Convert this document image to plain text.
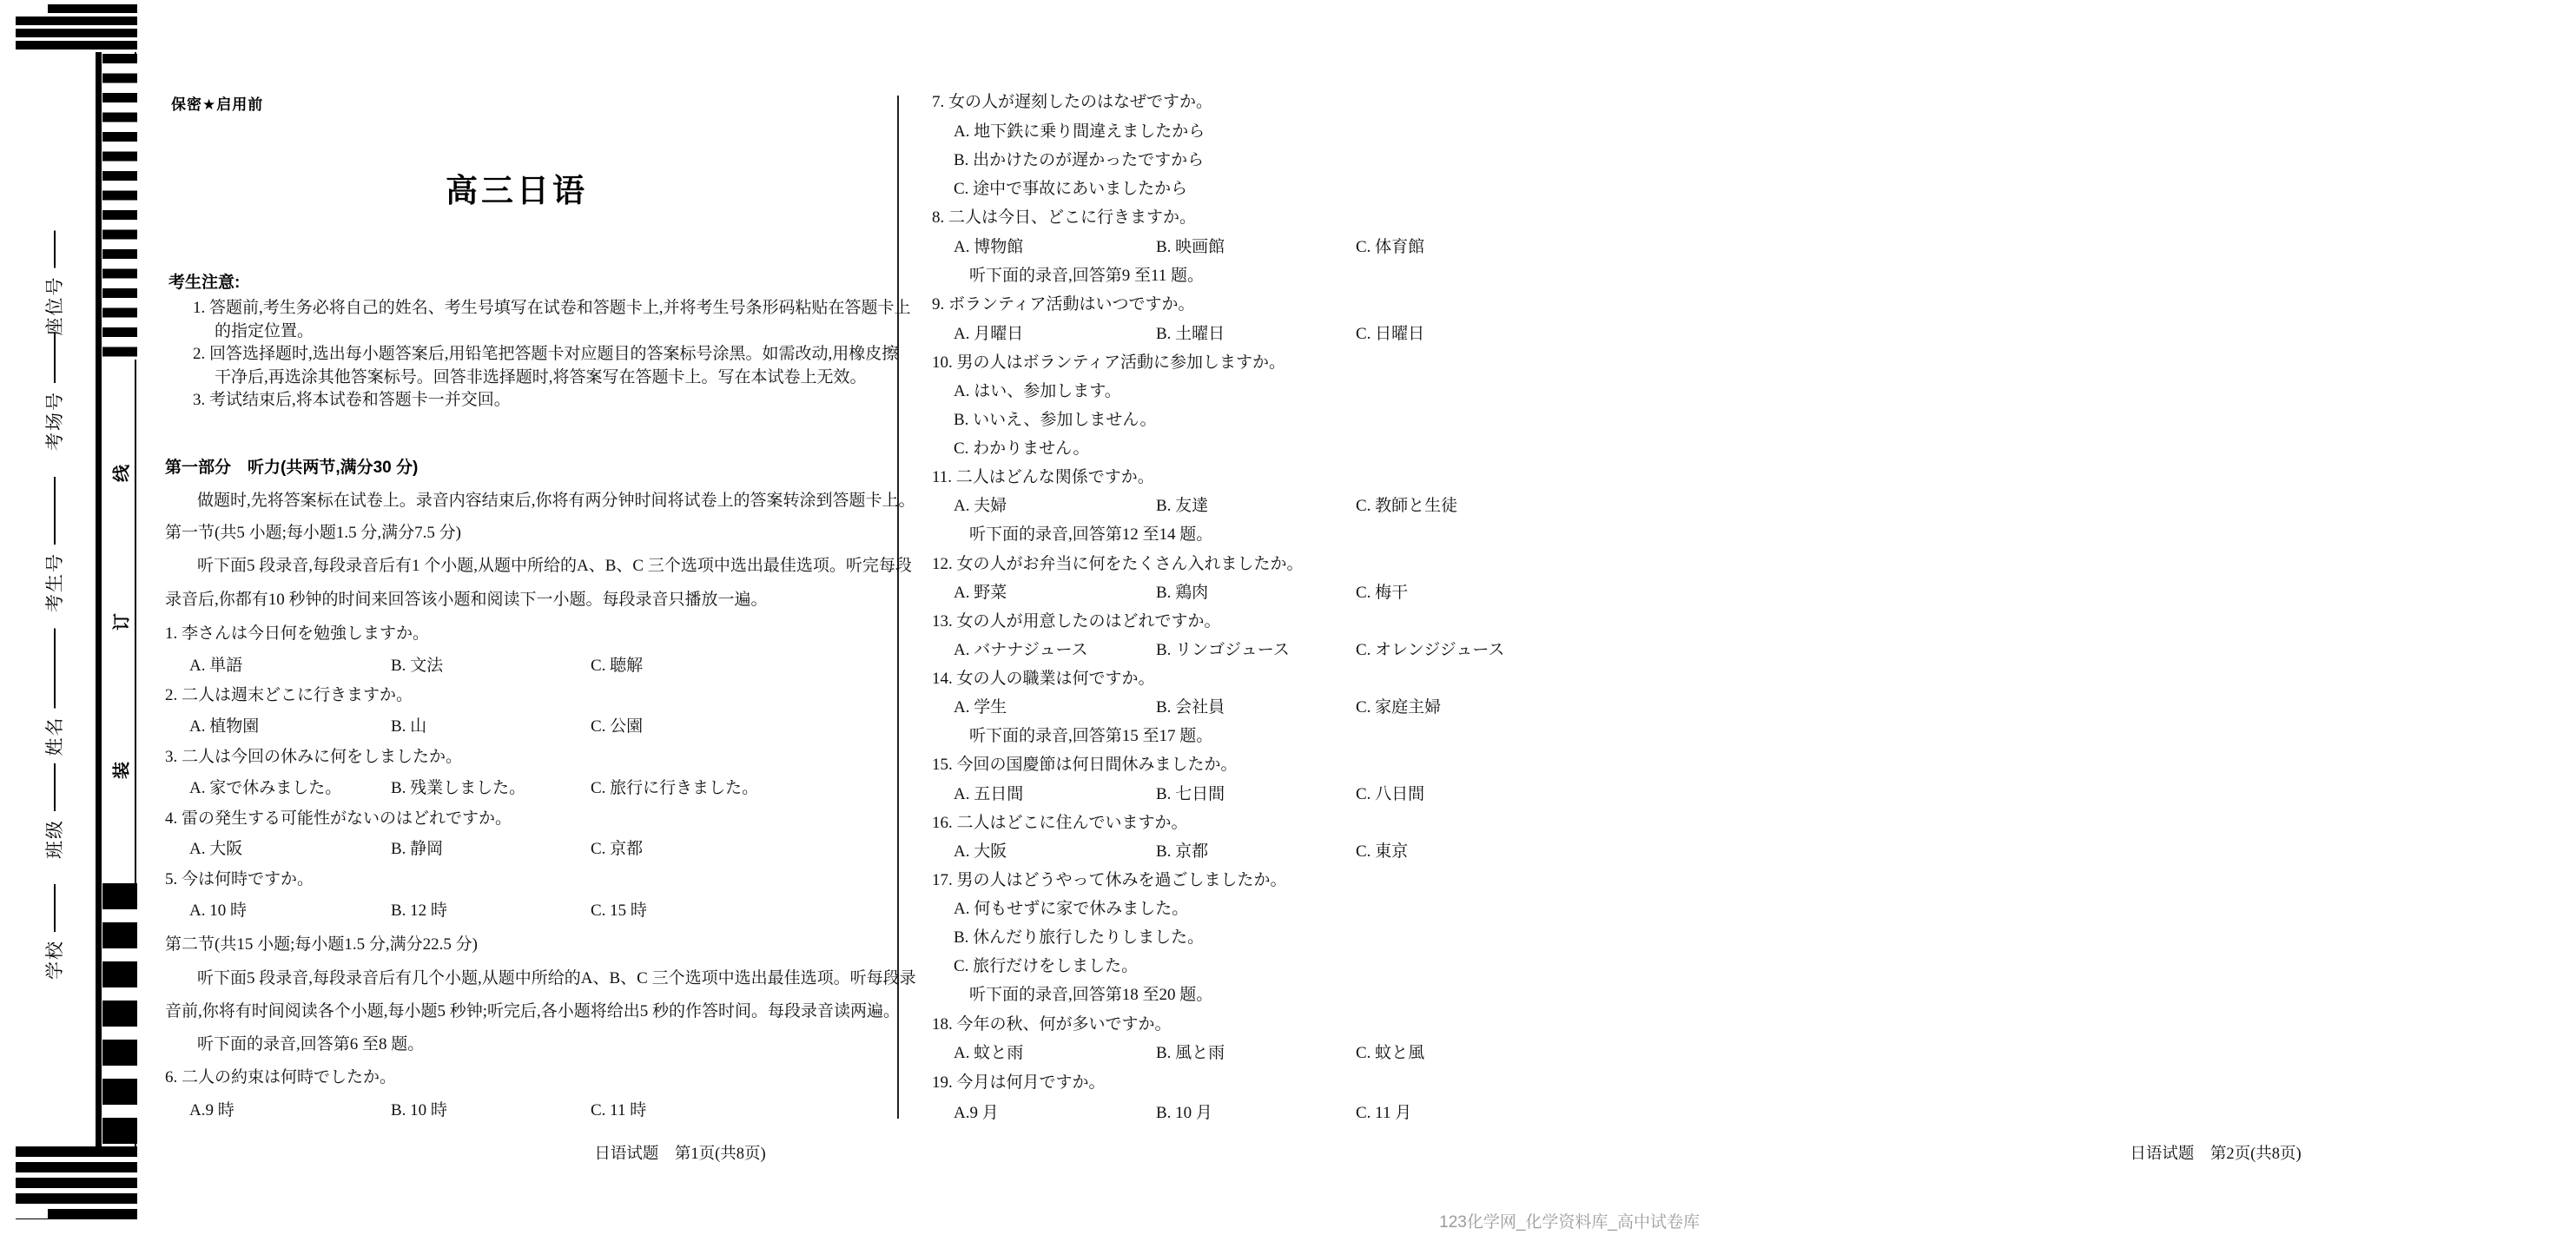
座位号
考场号
考生号
姓名
班级
学校
线
订
装
保密★启用前
高三日语
考生注意:
1. 答题前,考生务必将自己的姓名、考生号填写在试卷和答题卡上,并将考生号条形码粘贴在答题卡上
的指定位置。
2. 回答选择题时,选出每小题答案后,用铅笔把答题卡对应题目的答案标号涂黑。如需改动,用橡皮擦
干净后,再选涂其他答案标号。回答非选择题时,将答案写在答题卡上。写在本试卷上无效。
3. 考试结束后,将本试卷和答题卡一并交回。
第一部分　听力(共两节,满分30 分)
做题时,先将答案标在试卷上。录音内容结束后,你将有两分钟时间将试卷上的答案转涂到答题卡上。
第一节(共5 小题;每小题1.5 分,满分7.5 分)
听下面5 段录音,每段录音后有1 个小题,从题中所给的A、B、C 三个选项中选出最佳选项。听完每段
录音后,你都有10 秒钟的时间来回答该小题和阅读下一小题。每段录音只播放一遍。
1. 李さんは今日何を勉強しますか。
A. 単語	B. 文法	C. 聴解
2. 二人は週末どこに行きますか。
A. 植物園	B. 山	C. 公園
3. 二人は今回の休みに何をしましたか。
A. 家で休みました。	B. 残業しました。	C. 旅行に行きました。
4. 雷の発生する可能性がないのはどれですか。
A. 大阪	B. 静岡	C. 京都
5. 今は何時ですか。
A. 10 時	B. 12 時	C. 15 時
第二节(共15 小题;每小题1.5 分,满分22.5 分)
听下面5 段录音,每段录音后有几个小题,从题中所给的A、B、C 三个选项中选出最佳选项。听每段录
音前,你将有时间阅读各个小题,每小题5 秒钟;听完后,各小题将给出5 秒的作答时间。每段录音读两遍。
听下面的录音,回答第6 至8 题。
6. 二人の約束は何時でしたか。
A.9 時	B. 10 時	C. 11 時
日语试题　第1页(共8页)
7. 女の人が遅刻したのはなぜですか。
A. 地下鉄に乗り間違えましたから
B. 出かけたのが遅かったですから
C. 途中で事故にあいましたから
8. 二人は今日、どこに行きますか。
A. 博物館	B. 映画館	C. 体育館
听下面的录音,回答第9 至11 题。
9. ボランティア活動はいつですか。
A. 月曜日	B. 土曜日	C. 日曜日
10. 男の人はボランティア活動に参加しますか。
A. はい、参加します。
B. いいえ、参加しません。
C. わかりません。
11. 二人はどんな関係ですか。
A. 夫婦	B. 友達	C. 教師と生徒
听下面的录音,回答第12 至14 题。
12. 女の人がお弁当に何をたくさん入れましたか。
A. 野菜	B. 鶏肉	C. 梅干
13. 女の人が用意したのはどれですか。
A. バナナジュース	B. リンゴジュース	C. オレンジジュース
14. 女の人の職業は何ですか。
A. 学生	B. 会社員	C. 家庭主婦
听下面的录音,回答第15 至17 题。
15. 今回の国慶節は何日間休みましたか。
A. 五日間	B. 七日間	C. 八日間
16. 二人はどこに住んでいますか。
A. 大阪	B. 京都	C. 東京
17. 男の人はどうやって休みを過ごしましたか。
A. 何もせずに家で休みました。
B. 休んだり旅行したりしました。
C. 旅行だけをしました。
听下面的录音,回答第18 至20 题。
18. 今年の秋、何が多いですか。
A. 蚊と雨	B. 風と雨	C. 蚊と風
19. 今月は何月ですか。
A.9 月	B. 10 月	C. 11 月
日语试题　第2页(共8页)
123化学网_化学资料库_高中试卷库
